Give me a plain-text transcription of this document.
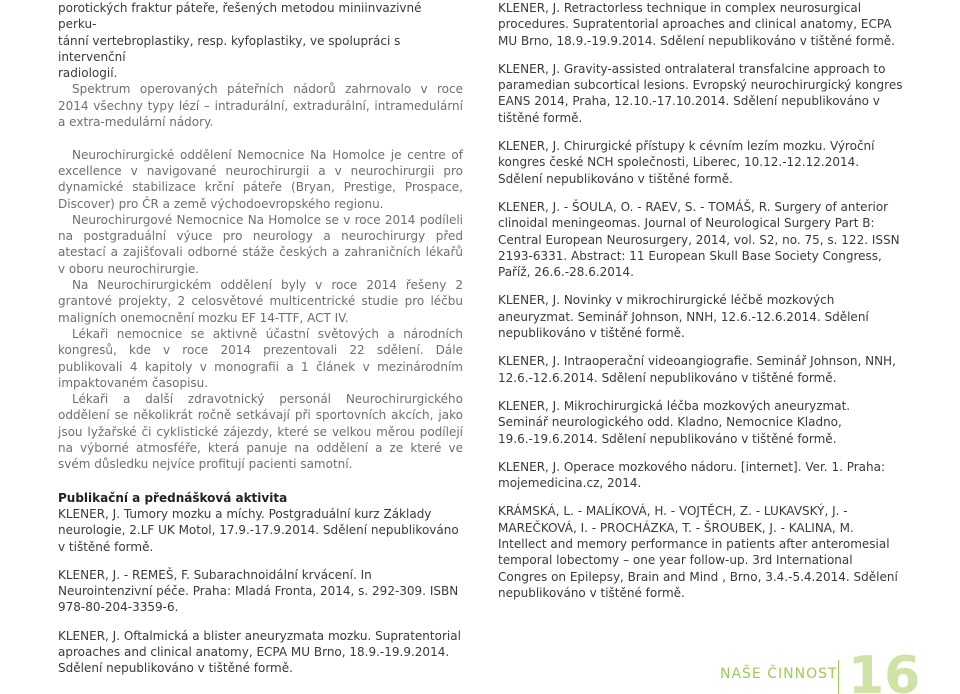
porotických fraktur páteře, řešených metodou miniinvazivné perku-

tánní vertebroplastiky, resp. kyfoplastiky, ve spolupráci s intervenční

radiologií.

Spektrum operovaných páteřních nádorů zahrnovalo v roce 2014 všechny typy lézí – intradurální, extradurální, intramedulární a extra-medulární nádory.

Neurochirurgické oddělení Nemocnice Na Homolce je centre of excellence v navigované neurochirurgii a v neurochirurgii pro dynamické stabilizace krční páteře (Bryan, Prestige, Prospace, Discover) pro ČR a země východoevropského regionu.

Neurochirurgové Nemocnice Na Homolce se v roce 2014 podíleli na postgraduální výuce pro neurology a neurochirurgy před atestací a zajišťovali odborné stáže českých a zahraničních lékařů v oboru neurochirurgie.

Na Neurochirurgickém oddělení byly v roce 2014 řešeny 2 grantové projekty, 2 celosvětové multicentrické studie pro léčbu maligních onemocnění mozku EF 14-TTF, ACT IV.

Lékaři nemocnice se aktivně účastní světových a národních kongresů, kde v roce 2014 prezentovali 22 sdělení. Dále publikovali 4 kapitoly v monografii a 1 článek v mezinárodním impaktovaném časopisu.

Lékaři a další zdravotnický personál Neurochirurgického oddělení se několikrát ročně setkávají při sportovních akcích, jako jsou lyžařské či cyklistické zájezdy, které se velkou měrou podílejí na výborné atmosféře, která panuje na oddělení a ze které ve svém důsledku nejvíce profitují pacienti samotní.

Publikační a přednášková aktivita

KLENER, J. Tumory mozku a míchy. Postgraduální kurz Základy neurologie, 2.LF UK Motol, 17.9.-17.9.2014. Sdělení nepublikováno v tištěné formě.

KLENER, J. - REMEŠ, F. Subarachnoidální krvácení. In Neurointenzivní péče. Praha: Mladá Fronta, 2014, s. 292-309. ISBN 978-80-204-3359-6.

KLENER, J. Oftalmická a blister aneuryzmata mozku. Supratentorial aproaches and clinical anatomy, ECPA MU Brno, 18.9.-19.9.2014. Sdělení nepublikováno v tištěné formě.

KLENER, J. Retractorless technique in complex neurosurgical procedures. Supratentorial aproaches and clinical anatomy, ECPA MU Brno, 18.9.-19.9.2014. Sdělení nepublikováno v tištěné formě.

KLENER, J. Gravity-assisted ontralateral transfalcine approach to paramedian subcortical lesions. Evropský neurochirurgický kongres EANS 2014, Praha, 12.10.-17.10.2014. Sdělení nepublikováno v tištěné formě.

KLENER, J. Chirurgické přístupy k cévním lezím mozku. Výroční kongres české NCH společnosti, Liberec, 10.12.-12.12.2014. Sdělení nepublikováno v tištěné formě.

KLENER, J. - ŠOULA, O. - RAEV, S. - TOMÁŠ, R. Surgery of anterior clinoidal meningeomas. Journal of Neurological Surgery Part B: Central European Neurosurgery, 2014, vol. S2, no. 75, s. 122. ISSN 2193-6331. Abstract: 11 European Skull Base Society Congress, Paříž, 26.6.-28.6.2014.

KLENER, J. Novinky v mikrochirurgické léčbě mozkových aneuryzmat. Seminář Johnson, NNH, 12.6.-12.6.2014. Sdělení nepublikováno v tištěné formě.

KLENER, J. Intraoperační videoangiografie. Seminář Johnson, NNH, 12.6.-12.6.2014. Sdělení nepublikováno v tištěné formě.

KLENER, J. Mikrochirurgická léčba mozkových aneuryzmat. Seminář neurologického odd. Kladno, Nemocnice Kladno, 19.6.-19.6.2014. Sdělení nepublikováno v tištěné formě.

KLENER, J. Operace mozkového nádoru. [internet]. Ver. 1. Praha: mojemedicina.cz, 2014.

KRÁMSKÁ, L. - MALÍKOVÁ, H. - VOJTĚCH, Z. - LUKAVSKÝ, J. - MAREČKOVÁ, I. - PROCHÁZKA, T. - ŠROUBEK, J. - KALINA, M. Intellect and memory performance in patients after anteromesial temporal lobectomy – one year follow-up. 3rd International Congres on Epilepsy, Brain and Mind , Brno, 3.4.-5.4.2014. Sdělení nepublikováno v tištěné formě.

NAŠE ČINNOST 16
